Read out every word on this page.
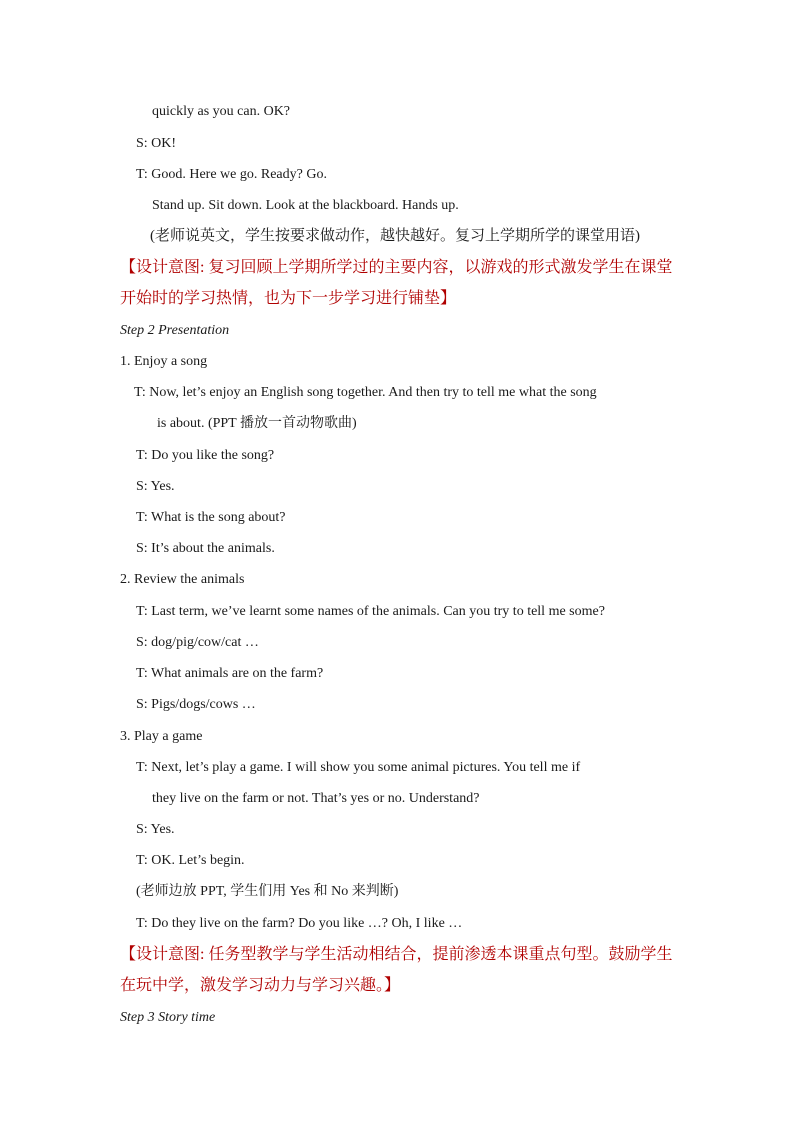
quickly as you can. OK?
S: OK!
T: Good. Here we go. Ready? Go.
Stand up. Sit down. Look at the blackboard. Hands up.
(老师说英文，学生按要求做动作，越快越好。复习上学期所学的课堂用语)
【设计意图: 复习回顾上学期所学过的主要内容，以游戏的形式激发学生在课堂
开始时的学习热情，也为下一步学习进行铺垫】
Step 2 Presentation
1. Enjoy a song
T: Now, let’s enjoy an English song together. And then try to tell me what the song
is about. (PPT 播放一首动物歌曲)
T: Do you like the song?
S: Yes.
T: What is the song about?
S: It’s about the animals.
2. Review the animals
T: Last term, we’ve learnt some names of the animals. Can you try to tell me some?
S: dog/pig/cow/cat …
T: What animals are on the farm?
S: Pigs/dogs/cows …
3. Play a game
T: Next, let’s play a game. I will show you some animal pictures. You tell me if
they live on the farm or not. That’s yes or no. Understand?
S: Yes.
T: OK. Let’s begin.
(老师边放 PPT, 学生们用 Yes 和 No 来判断)
T: Do they live on the farm? Do you like …? Oh, I like …
【设计意图: 任务型教学与学生活动相结合，提前渗透本课重点句型。鼓励学生
在玩中学，激发学习动力与学习兴趣。】
Step 3 Story time
